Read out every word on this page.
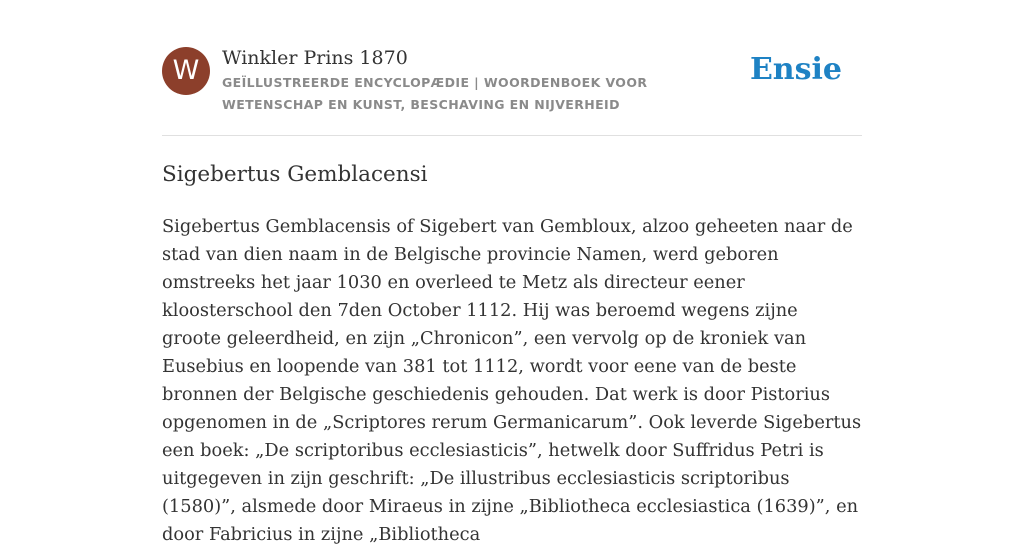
W	Winkler Prins 1870
GEÏLLUSTREERDE ENCYCLOPÆDIE | WOORDENBOEK VOOR WETENSCHAP EN KUNST, BESCHAVING EN NIJVERHEID
Ensie
Sigebertus Gemblacensi

Sigebertus Gemblacensis of Sigebert van Gembloux, alzoo geheeten naar de stad van dien naam in de Belgische provincie Namen, werd geboren omstreeks het jaar 1030 en overleed te Metz als directeur eener kloosterschool den 7den October 1112. Hij was beroemd wegens zijne groote geleerdheid, en zijn „Chronicon”, een vervolg op de kroniek van Eusebius en loopende van 381 tot 1112, wordt voor eene van de beste bronnen der Belgische geschiedenis gehouden. Dat werk is door Pistorius opgenomen in de „Scriptores rerum Germanicarum”. Ook leverde Sigebertus een boek: „De scriptoribus ecclesiasticis”, hetwelk door Suffridus Petri is uitgegeven in zijn geschrift: „De illustribus ecclesiasticis scriptoribus (1580)”, alsmede door Miraeus in zijne „Bibliotheca ecclesiastica (1639)”, en door Fabricius in zijne „Bibliotheca
